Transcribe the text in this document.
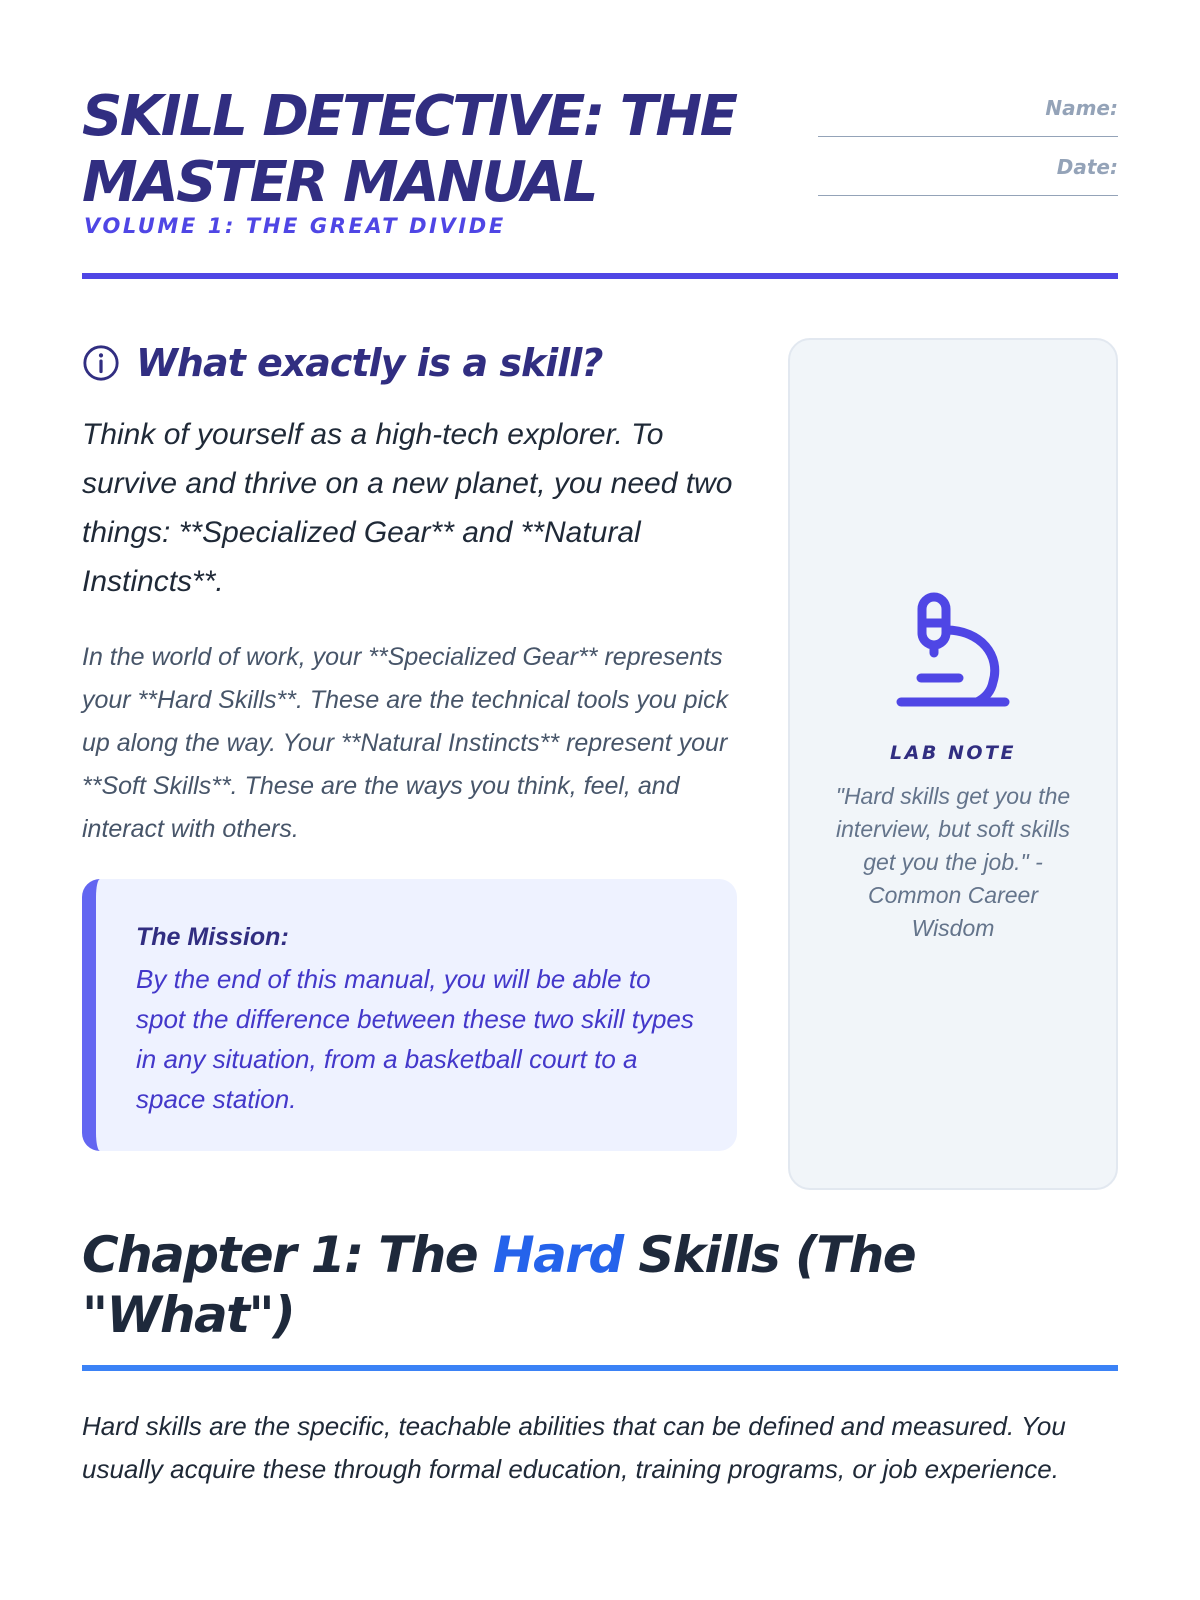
SKILL DETECTIVE: THE MASTER MANUAL
VOLUME 1: THE GREAT DIVIDE
Name:
Date:
What exactly is a skill?

Think of yourself as a high-tech explorer. To survive and thrive on a new planet, you need two things: **Specialized Gear** and **Natural Instincts**.

In the world of work, your **Specialized Gear** represents your **Hard Skills**. These are the technical tools you pick up along the way. Your **Natural Instincts** represent your **Soft Skills**. These are the ways you think, feel, and interact with others.

The Mission:
By the end of this manual, you will be able to spot the difference between these two skill types in any situation, from a basketball court to a space station.
LAB NOTE
"Hard skills get you the interview, but soft skills get you the job." - Common Career Wisdom
Chapter 1: The Hard Skills (The "What")

Hard skills are the specific, teachable abilities that can be defined and measured. You usually acquire these through formal education, training programs, or job experience.
